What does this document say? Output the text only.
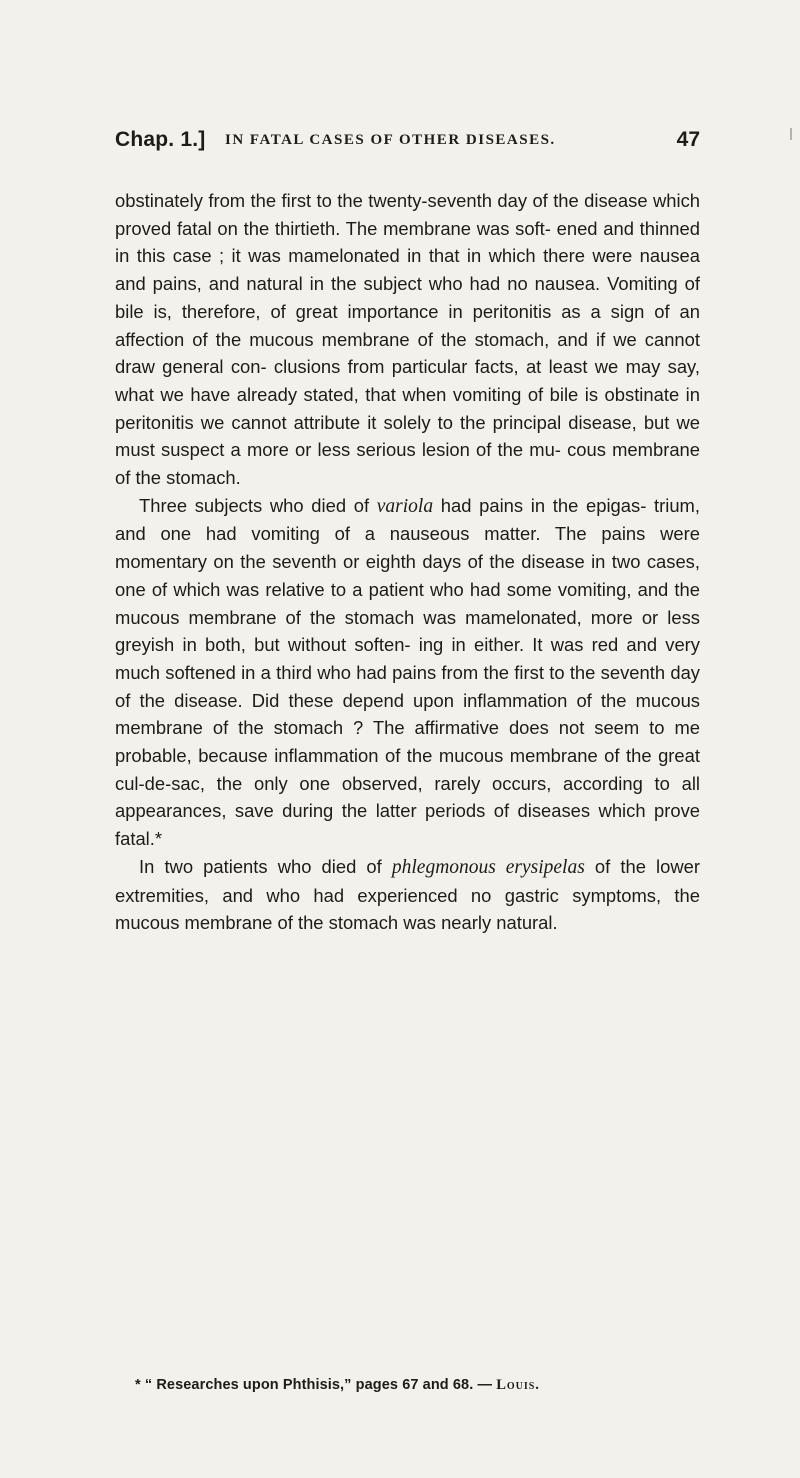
Chap. 1.] IN FATAL CASES OF OTHER DISEASES.	47

obstinately from the first to the twenty-seventh day of the disease which proved fatal on the thirtieth. The membrane was soft- ened and thinned in this case ; it was mamelonated in that in which there were nausea and pains, and natural in the subject who had no nausea. Vomiting of bile is, therefore, of great importance in peritonitis as a sign of an affection of the mucous membrane of the stomach, and if we cannot draw general con- clusions from particular facts, at least we may say, what we have already stated, that when vomiting of bile is obstinate in peritonitis we cannot attribute it solely to the principal disease, but we must suspect a more or less serious lesion of the mu- cous membrane of the stomach.

Three subjects who died of variola had pains in the epigas- trium, and one had vomiting of a nauseous matter. The pains were momentary on the seventh or eighth days of the disease in two cases, one of which was relative to a patient who had some vomiting, and the mucous membrane of the stomach was mamelonated, more or less greyish in both, but without soften- ing in either. It was red and very much softened in a third who had pains from the first to the seventh day of the disease. Did these depend upon inflammation of the mucous membrane of the stomach ? The affirmative does not seem to me probable, because inflammation of the mucous membrane of the great cul-de-sac, the only one observed, rarely occurs, according to all appearances, save during the latter periods of diseases which prove fatal.*

In two patients who died of phlegmonous erysipelas of the lower extremities, and who had experienced no gastric symptoms, the mucous membrane of the stomach was nearly natural.

* “ Researches upon Phthisis,” pages 67 and 68. — Louis.
